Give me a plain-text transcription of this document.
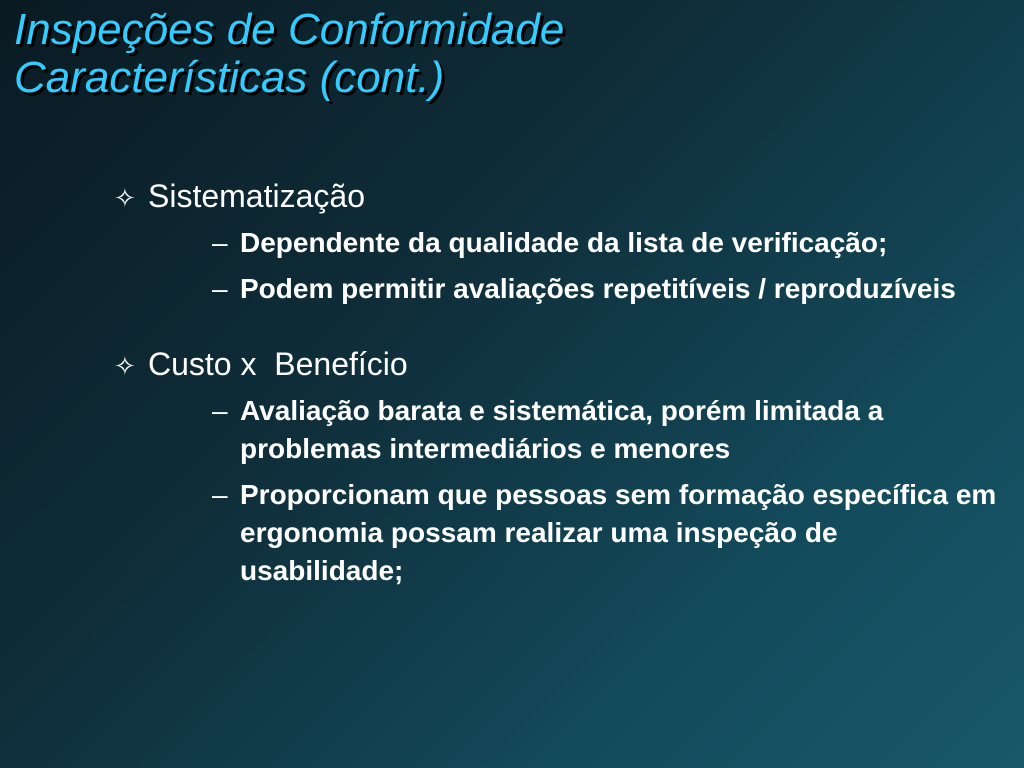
Inspeções de Conformidade
Características (cont.)
✧ Sistematização
– Dependente da qualidade da lista de verificação;
– Podem permitir avaliações repetitíveis / reproduzíveis
✧ Custo x  Benefício
– Avaliação barata e sistemática, porém limitada a problemas intermediários e menores
– Proporcionam que pessoas sem formação específica em ergonomia possam realizar uma inspeção de usabilidade;
